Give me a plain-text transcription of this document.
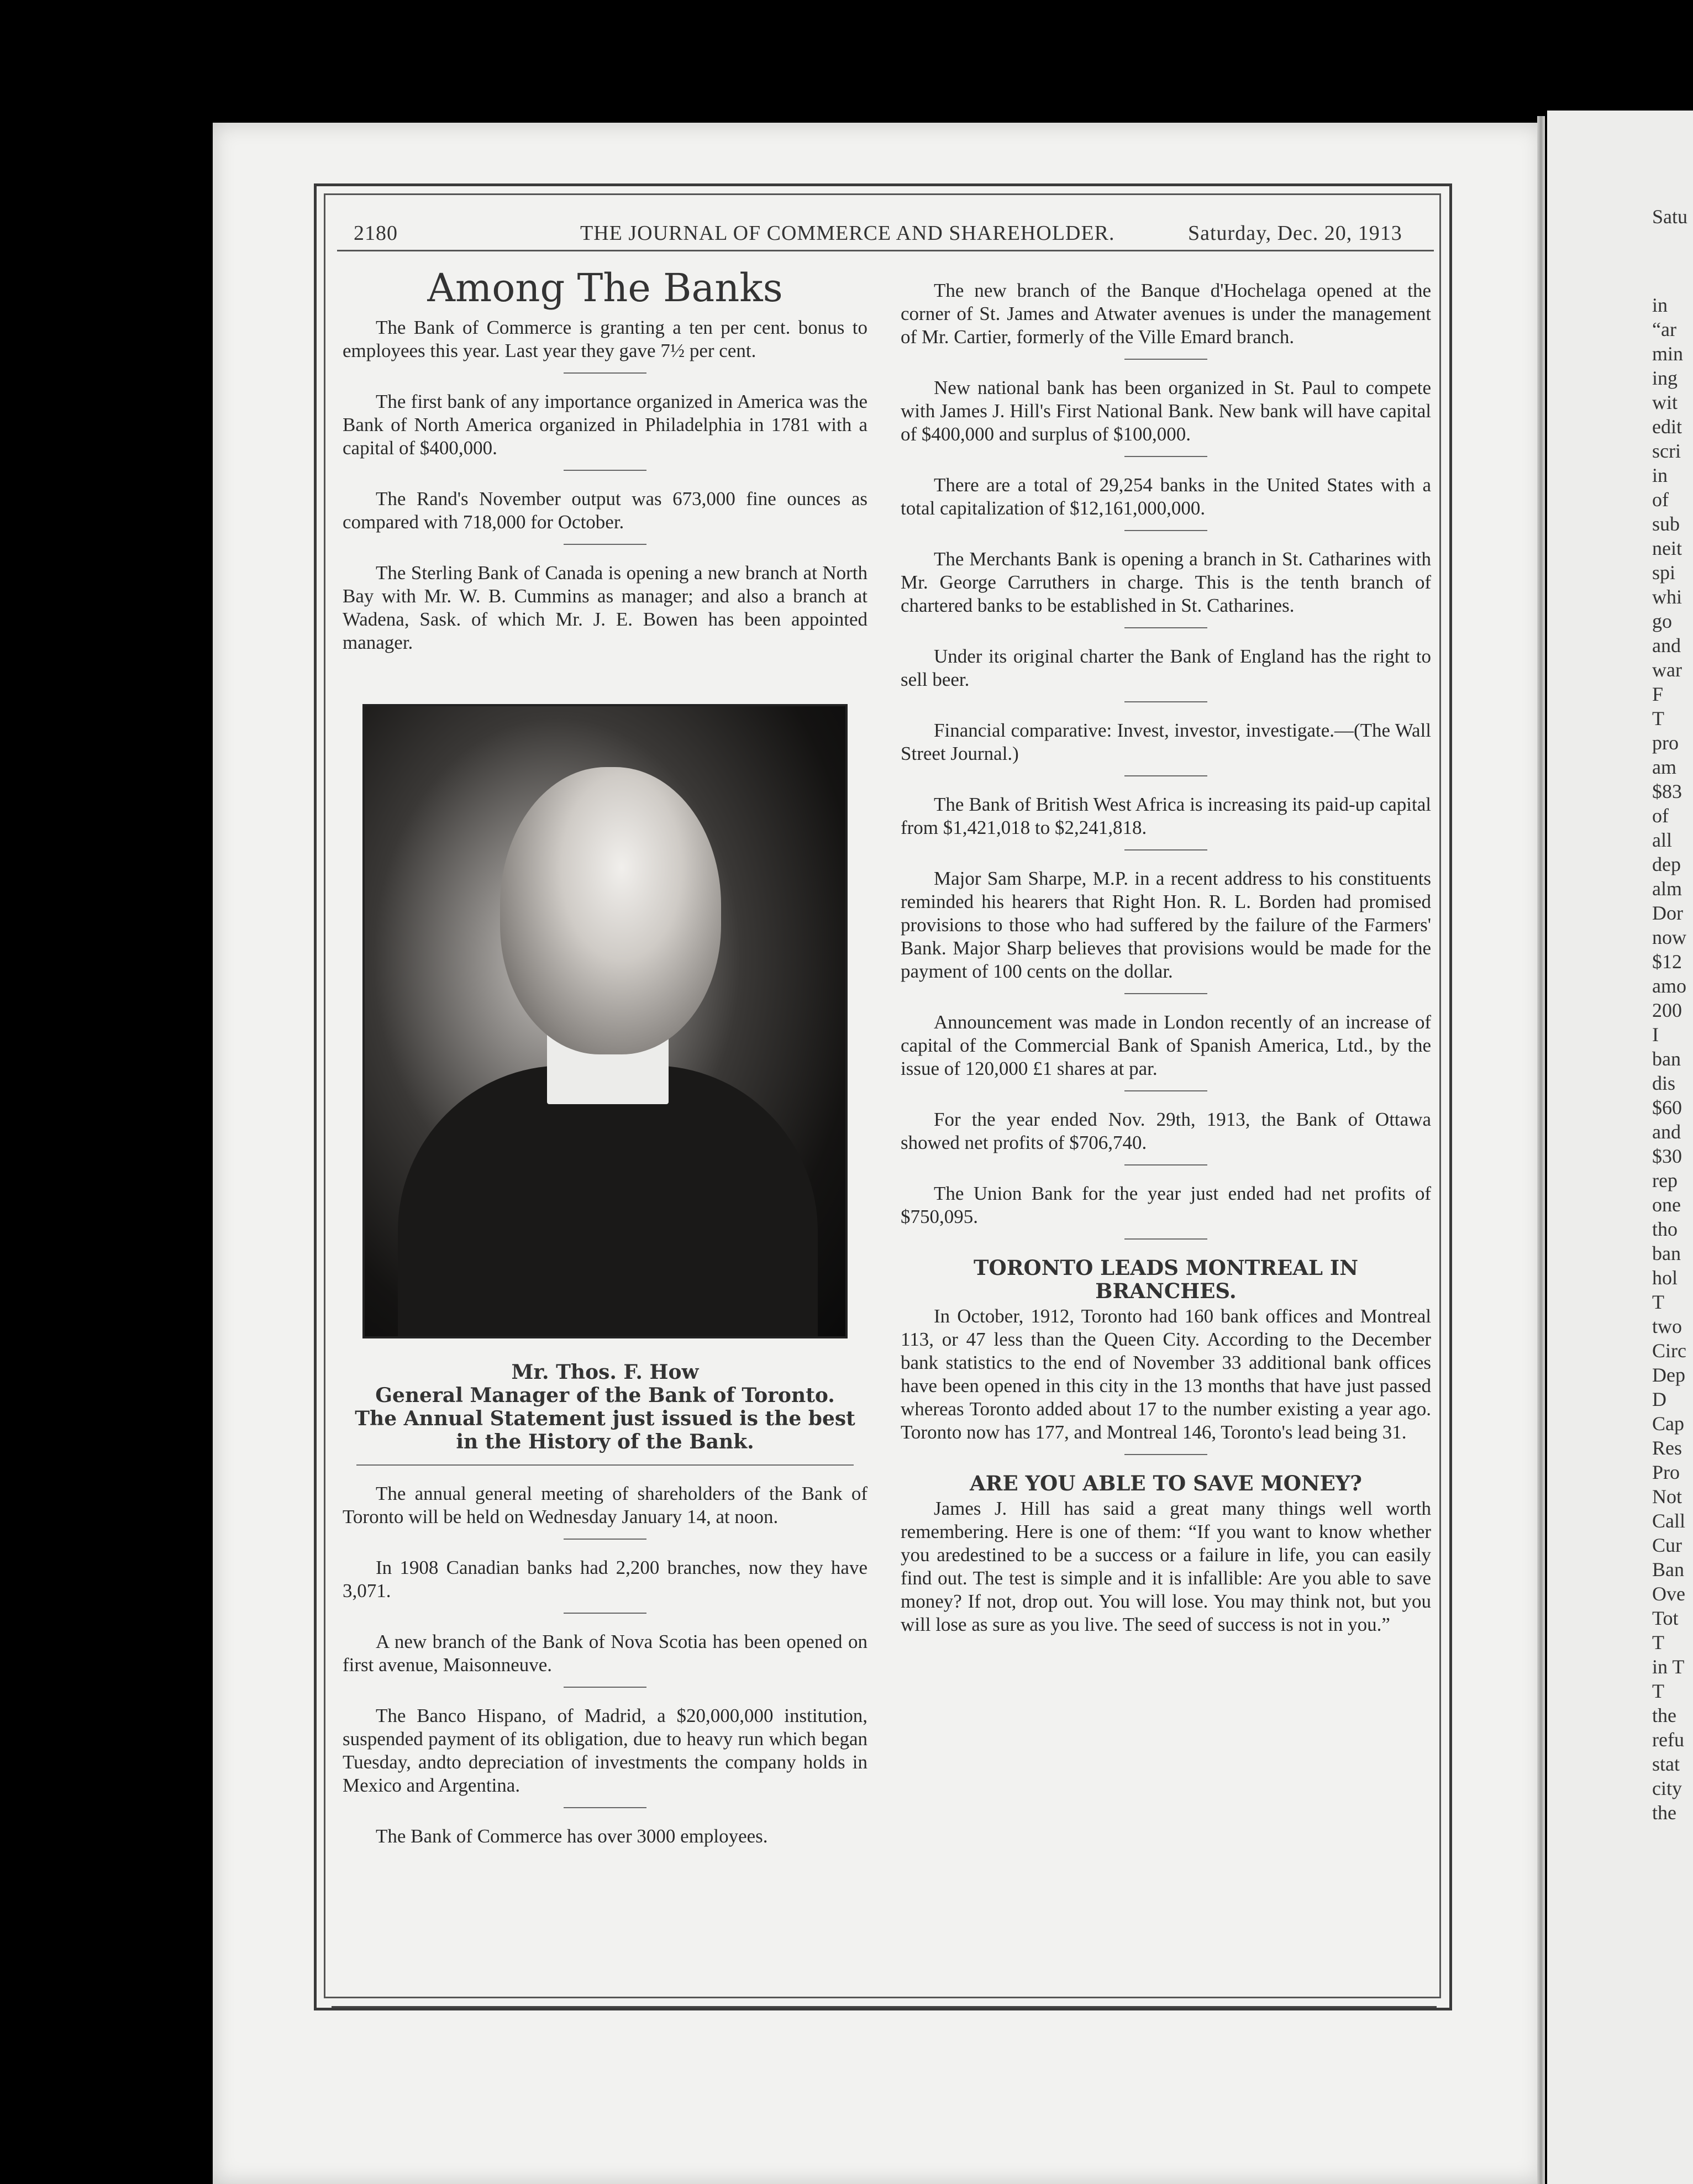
2180	THE JOURNAL OF COMMERCE AND SHAREHOLDER.	Saturday, Dec. 20, 1913
Among The Banks

The Bank of Commerce is granting a ten per cent. bonus to employees this year. Last year they gave 7½ per cent.

The first bank of any importance organized in America was the Bank of North America organized in Philadelphia in 1781 with a capital of $400,000.

The Rand's November output was 673,000 fine ounces as compared with 718,000 for October.

The Sterling Bank of Canada is opening a new branch at North Bay with Mr. W. B. Cummins as manager; and also a branch at Wadena, Sask. of which Mr. J. E. Bowen has been appointed manager.

Mr. Thos. F. How
General Manager of the Bank of Toronto.
The Annual Statement just issued is the best
in the History of the Bank.

The annual general meeting of shareholders of the Bank of Toronto will be held on Wednesday January 14, at noon.

In 1908 Canadian banks had 2,200 branches, now they have 3,071.

A new branch of the Bank of Nova Scotia has been opened on first avenue, Maisonneuve.

The Banco Hispano, of Madrid, a $20,000,000 institution, suspended payment of its obligation, due to heavy run which began Tuesday, andto depreciation of investments the company holds in Mexico and Argentina.

The Bank of Commerce has over 3000 employees.

The new branch of the Banque d'Hochelaga opened at the corner of St. James and Atwater avenues is under the management of Mr. Cartier, formerly of the Ville Emard branch.

New national bank has been organized in St. Paul to compete with James J. Hill's First National Bank. New bank will have capital of $400,000 and surplus of $100,000.

There are a total of 29,254 banks in the United States with a total capitalization of $12,161,000,000.

The Merchants Bank is opening a branch in St. Catharines with Mr. George Carruthers in charge. This is the tenth branch of chartered banks to be established in St. Catharines.

Under its original charter the Bank of England has the right to sell beer.

Financial comparative: Invest, investor, investigate.—(The Wall Street Journal.)

The Bank of British West Africa is increasing its paid-up capital from $1,421,018 to $2,241,818.

Major Sam Sharpe, M.P. in a recent address to his constituents reminded his hearers that Right Hon. R. L. Borden had promised provisions to those who had suffered by the failure of the Farmers' Bank. Major Sharp believes that provisions would be made for the payment of 100 cents on the dollar.

Announcement was made in London recently of an increase of capital of the Commercial Bank of Spanish America, Ltd., by the issue of 120,000 £1 shares at par.

For the year ended Nov. 29th, 1913, the Bank of Ottawa showed net profits of $706,740.

The Union Bank for the year just ended had net profits of $750,095.

TORONTO LEADS MONTREAL IN BRANCHES.

In October, 1912, Toronto had 160 bank offices and Montreal 113, or 47 less than the Queen City. According to the December bank statistics to the end of November 33 additional bank offices have been opened in this city in the 13 months that have just passed whereas Toronto added about 17 to the number existing a year ago. Toronto now has 177, and Montreal 146, Toronto's lead being 31.

ARE YOU ABLE TO SAVE MONEY?

James J. Hill has said a great many things well worth remembering. Here is one of them: “If you want to know whether you aredestined to be a success or a failure in life, you can easily find out. The test is simple and it is infallible: Are you able to save money? If not, drop out. You will lose. You may think not, but you will lose as sure as you live. The seed of success is not in you.”

Satu
in
“ar
min
ing
wit
edit
scri
in
of
sub
neit
spi
whi
go
and
war
F
T
pro
am
$83
of
all
dep
alm
Dor
now
$12
amo
200
I
ban
dis
$60
and
$30
rep
one
tho
ban
hol
T
two
Circ
Dep
D
Cap
Res
Pro
Not
Call
Cur
Ban
Ove
Tot
T
in T
T
the
refu
stat
city
the
